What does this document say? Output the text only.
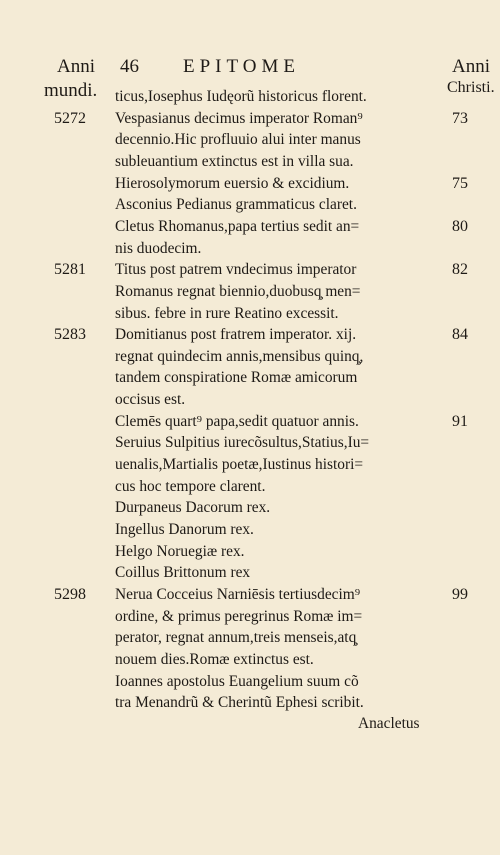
Anni 46 EPITOME	Anni
mundi.	Christi.
ticus,Iosephus Iudęorũ historicus florent.
Vespasianus decimus imperator Roman⁹
decennio.Hic profluuio alui inter manus
subleuantium extinctus est in villa sua.
Hierosolymorum euersio & excidium.
Asconius Pedianus grammaticus claret.
Cletus Rhomanus,papa tertius sedit an=
nis duodecim.
Titus post patrem vndecimus imperator
Romanus regnat biennio,duobusq̧ men=
sibus. febre in rure Reatino excessit.
Domitianus post fratrem imperator. xij.
regnat quindecim annis,mensibus quinq̧,
tandem conspiratione Romæ amicorum
occisus est.
Clemēs quart⁹ papa,sedit quatuor annis.
Seruius Sulpitius iurecõsultus,Statius,Iu=
uenalis,Martialis poetæ,Iustinus histori=
cus hoc tempore clarent.
Durpaneus Dacorum rex.
Ingellus Danorum rex.
Helgo Noruegiæ rex.
Coillus Brittonum rex
Nerua Cocceius Narniēsis tertiusdecim⁹
ordine, & primus peregrinus Romæ im=
perator, regnat annum,treis menseis,atq̧
nouem dies.Romæ extinctus est.
Ioannes apostolus Euangelium suum cõ
tra Menandrũ & Cherintũ Ephesi scribit.
5272
5281
5283
5298
73
75
80
82
84
91
99
Anacletus
